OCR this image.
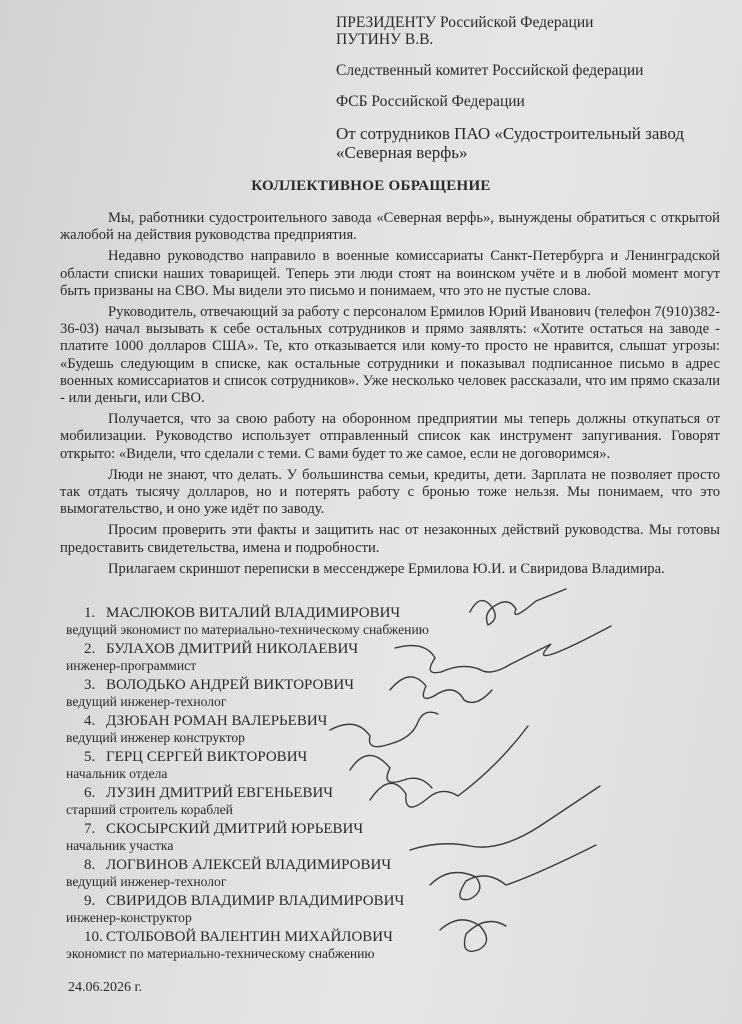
ПРЕЗИДЕНТУ Российской Федерации
ПУТИНУ В.В.
Следственный комитет Российской федерации
ФСБ Российской Федерации
От сотрудников ПАО «Судостроительный завод
«Северная верфь»
КОЛЛЕКТИВНОЕ ОБРАЩЕНИЕ

Мы, работники судостроительного завода «Северная верфь», вынуждены обратиться с открытой жалобой на действия руководства предприятия.

Недавно руководство направило в военные комиссариаты Санкт-Петербурга и Ленинградской области списки наших товарищей. Теперь эти люди стоят на воинском учёте и в любой момент могут быть призваны на СВО. Мы видели это письмо и понимаем, что это не пустые слова.

Руководитель, отвечающий за работу с персоналом Ермилов Юрий Иванович (телефон 7(910)382-36-03) начал вызывать к себе остальных сотрудников и прямо заявлять: «Хотите остаться на заводе - платите 1000 долларов США». Те, кто отказывается или кому-то просто не нравится, слышат угрозы: «Будешь следующим в списке, как остальные сотрудники и показывал подписанное письмо в адрес военных комиссариатов и список сотрудников». Уже несколько человек рассказали, что им прямо сказали - или деньги, или СВО.

Получается, что за свою работу на оборонном предприятии мы теперь должны откупаться от мобилизации. Руководство использует отправленный список как инструмент запугивания. Говорят открыто: «Видели, что сделали с теми. С вами будет то же самое, если не договоримся».

Люди не знают, что делать. У большинства семьи, кредиты, дети. Зарплата не позволяет просто так отдать тысячу долларов, но и потерять работу с бронью тоже нельзя. Мы понимаем, что это вымогательство, и оно уже идёт по заводу.

Просим проверить эти факты и защитить нас от незаконных действий руководства. Мы готовы предоставить свидетельства, имена и подробности.

Прилагаем скриншот переписки в мессенджере Ермилова Ю.И. и Свиридова Владимира.

1. МАСЛЮКОВ ВИТАЛИЙ ВЛАДИМИРОВИЧ
ведущий экономист по материально-техническому снабжению
2. БУЛАХОВ ДМИТРИЙ НИКОЛАЕВИЧ
инженер-программист
3. ВОЛОДЬКО АНДРЕЙ ВИКТОРОВИЧ
ведущий инженер-технолог
4. ДЗЮБАН РОМАН ВАЛЕРЬЕВИЧ
ведущий инженер конструктор
5. ГЕРЦ СЕРГЕЙ ВИКТОРОВИЧ
начальник отдела
6. ЛУЗИН ДМИТРИЙ ЕВГЕНЬЕВИЧ
старший строитель кораблей
7. СКОСЫРСКИЙ ДМИТРИЙ ЮРЬЕВИЧ
начальник участка
8. ЛОГВИНОВ АЛЕКСЕЙ ВЛАДИМИРОВИЧ
ведущий инженер-технолог
9. СВИРИДОВ ВЛАДИМИР ВЛАДИМИРОВИЧ
инженер-конструктор
10. СТОЛБОВОЙ ВАЛЕНТИН МИХАЙЛОВИЧ
экономист по материально-техническому снабжению
24.06.2026 г.
